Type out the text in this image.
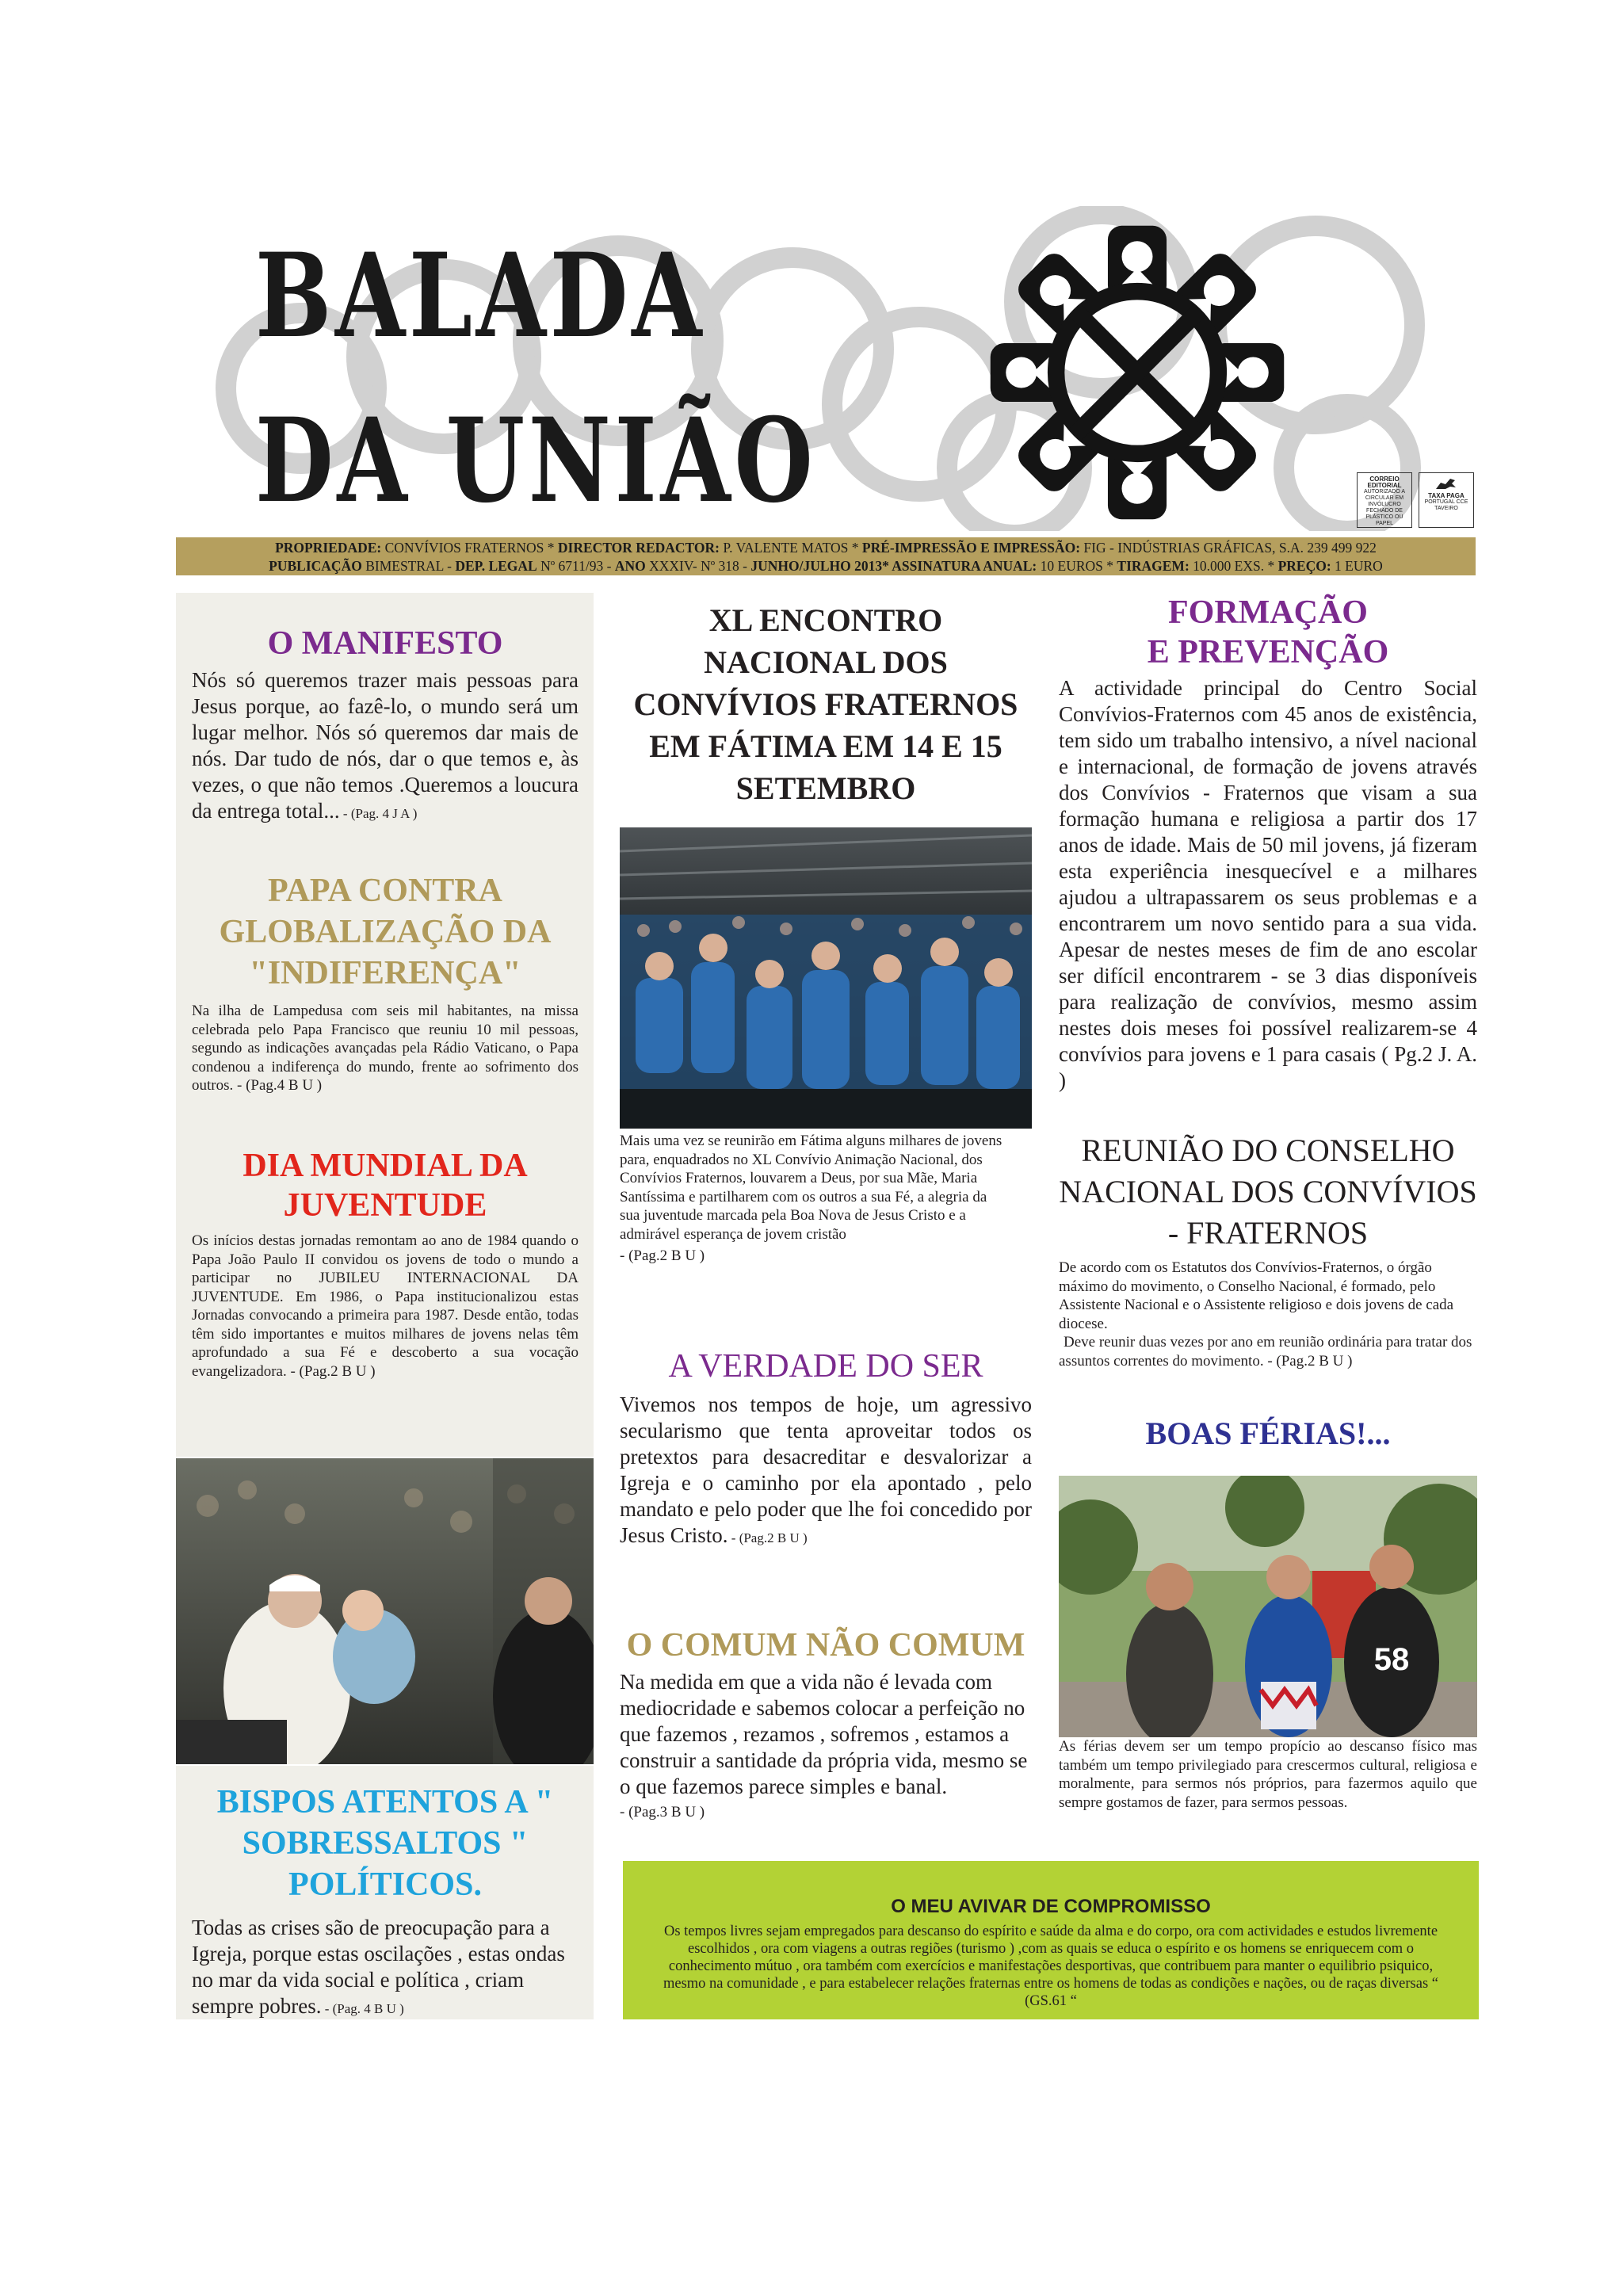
BALADA
DA UNIÃO	CORREIO EDITORIAL
AUTORIZADO A CIRCULAR EM INVÓLUCRO FECHADO DE PLÁSTICO OU PAPEL
TAXA PAGA
PORTUGAL CCE TAVEIRO
PROPRIEDADE: CONVÍVIOS FRATERNOS * DIRECTOR REDACTOR: P. VALENTE MATOS * PRÉ-IMPRESSÃO E IMPRESSÃO: FIG - INDÚSTRIAS GRÁFICAS, S.A. 239 499 922
PUBLICAÇÃO BIMESTRAL - DEP. LEGAL Nº 6711/93 - ANO XXXIV- Nº 318 - JUNHO/JULHO 2013* ASSINATURA ANUAL: 10 EUROS * TIRAGEM: 10.000 EXS. * PREÇO: 1 EURO
O MANIFESTO

Nós só queremos trazer mais pessoas para Jesus porque, ao fazê-lo, o mundo será um lugar melhor. Nós só queremos dar mais de nós. Dar tudo de nós, dar o que temos e, às vezes, o que não temos .Queremos a loucura da entrega total... - (Pag. 4 J A )

PAPA CONTRA GLOBALIZAÇÃO DA "INDIFERENÇA"

Na ilha de Lampedusa com seis mil habitantes, na missa celebrada pelo Papa Francisco que reuniu 10 mil pessoas, segundo as indicações avançadas pela Rádio Vaticano, o Papa condenou a indiferença do mundo, frente ao sofrimento dos outros. - (Pag.4 B U )

DIA MUNDIAL DA JUVENTUDE

Os inícios destas jornadas remontam ao ano de 1984 quando o Papa João Paulo II convidou os jovens de todo o mundo a participar no JUBILEU INTERNACIONAL DA JUVENTUDE. Em 1986, o Papa institucionalizou estas Jornadas convocando a primeira para 1987. Desde então, todas têm sido importantes e muitos milhares de jovens nelas têm aprofundado a sua Fé e descoberto a sua vocação evangelizadora. - (Pag.2 B U )

BISPOS ATENTOS A " SOBRESSALTOS " POLÍTICOS.

Todas as crises são de preocupação para a Igreja, porque estas oscilações , estas ondas no mar da vida social e política , criam sempre pobres. - (Pag. 4 B U )

XL ENCONTRO NACIONAL DOS CONVÍVIOS FRATERNOS EM FÁTIMA EM 14 E 15 SETEMBRO

Mais uma vez se reunirão em Fátima alguns milhares de jovens para, enquadrados no XL Convívio Animação Nacional, dos Convívios Fraternos, louvarem a Deus, por sua Mãe, Maria Santíssima e partilharem com os outros a sua Fé, a alegria da sua juventude marcada pela Boa Nova de Jesus Cristo e a admirável esperança de jovem cristão

- (Pag.2 B U )

A VERDADE DO SER

Vivemos nos tempos de hoje, um agressivo secularismo que tenta aproveitar todos os pretextos para desacreditar e desvalorizar a Igreja e o caminho por ela apontado , pelo mandato e pelo poder que lhe foi concedido por Jesus Cristo. - (Pag.2 B U )

O COMUM NÃO COMUM

Na medida em que a vida não é levada com mediocridade e sabemos colocar a perfeição no que fazemos , rezamos , sofremos , estamos a construir a santidade da própria vida, mesmo se o que fazemos parece simples e banal.

- (Pag.3 B U )

FORMAÇÃO
E PREVENÇÃO

A actividade principal do Centro Social Convívios-Fraternos com 45 anos de existência, tem sido um trabalho intensivo, a nível nacional e internacional, de formação de jovens através dos Convívios - Fraternos que visam a sua formação humana e religiosa a partir dos 17 anos de idade. Mais de 50 mil jovens, já fizeram esta experiência inesquecível e a milhares ajudou a ultrapassarem os seus problemas e a encontrarem um novo sentido para a sua vida. Apesar de nestes meses de fim de ano escolar ser difícil encontrarem - se 3 dias disponíveis para realização de convívios, mesmo assim nestes dois meses foi possível realizarem-se 4 convívios para jovens e 1 para casais ( Pg.2 J. A. )

REUNIÃO DO CONSELHO NACIONAL DOS CONVÍVIOS - FRATERNOS

De acordo com os Estatutos dos Convívios-Fraternos, o órgão máximo do movimento, o Conselho Nacional, é formado, pelo Assistente Nacional e o Assistente religioso e dois jovens de cada diocese.

Deve reunir duas vezes por ano em reunião ordinária para tratar dos assuntos correntes do movimento. - (Pag.2 B U )

BOAS FÉRIAS!...
58

As férias devem ser um tempo propício ao descanso físico mas também um tempo privilegiado para crescermos cultural, religiosa e moralmente, para sermos nós próprios, para fazermos aquilo que sempre gostamos de fazer, para sermos pessoas.

O MEU AVIVAR DE COMPROMISSO
Os tempos livres sejam empregados para descanso do espírito e saúde da alma e do corpo, ora com actividades e estudos livremente escolhidos , ora com viagens a outras regiões (turismo ) ,com as quais se educa o espírito e os homens se enriquecem com o conhecimento mútuo , ora também com exercícios e manifestações desportivas, que contribuem para manter o equilibrio psiquico, mesmo na comunidade , e para estabelecer relações fraternas entre os homens de todas as condições e nações, ou de raças diversas “ (GS.61 “
